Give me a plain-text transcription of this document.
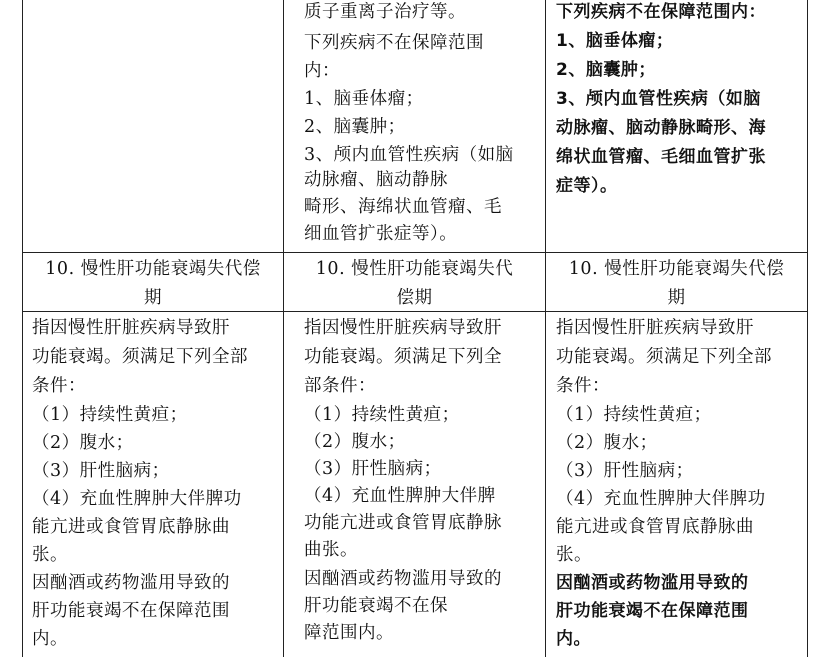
质子重离子治疗等。

下列疾病不在保障范围

内：

1、脑垂体瘤；

2、脑囊肿；

3、颅内血管性疾病（如脑

动脉瘤、脑动静脉

畸形、海绵状血管瘤、毛

细血管扩张症等）。

下列疾病不在保障范围内：

1、脑垂体瘤；

2、脑囊肿；

3、颅内血管性疾病（如脑

动脉瘤、脑动静脉畸形、海

绵状血管瘤、毛细血管扩张

症等）。

10. 慢性肝功能衰竭失代偿

期

10. 慢性肝功能衰竭失代

偿期

10. 慢性肝功能衰竭失代偿

期

指因慢性肝脏疾病导致肝

功能衰竭。须满足下列全部

条件：

（1）持续性黄疸；

（2）腹水；

（3）肝性脑病；

（4）充血性脾肿大伴脾功

能亢进或食管胃底静脉曲

张。

因酗酒或药物滥用导致的

肝功能衰竭不在保障范围

内。

指因慢性肝脏疾病导致肝

功能衰竭。须满足下列全

部条件：

（1）持续性黄疸；

（2）腹水；

（3）肝性脑病；

（4）充血性脾肿大伴脾

功能亢进或食管胃底静脉

曲张。

因酗酒或药物滥用导致的

肝功能衰竭不在保

障范围内。

指因慢性肝脏疾病导致肝

功能衰竭。须满足下列全部

条件：

（1）持续性黄疸；

（2）腹水；

（3）肝性脑病；

（4）充血性脾肿大伴脾功

能亢进或食管胃底静脉曲

张。

因酗酒或药物滥用导致的

肝功能衰竭不在保障范围

内。
